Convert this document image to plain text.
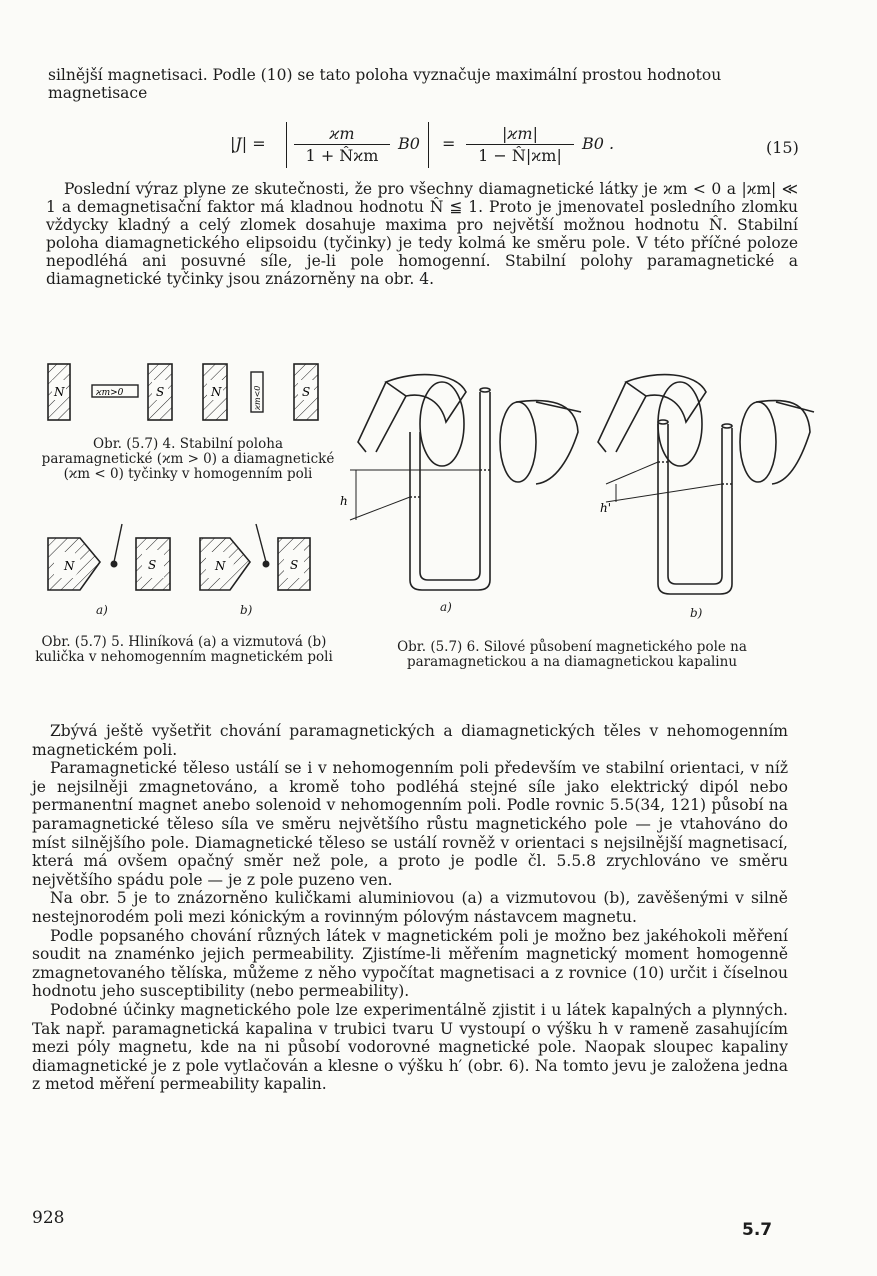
silnější magnetisaci. Podle (10) se tato poloha vyznačuje maximální prostou hodnotou

magnetisace

$|J| = \frac{ϰm}{1 + N̂ϰm} B0 = \frac{|ϰm|}{1 - N̂|ϰm|} B0$ .	(15)

Poslední výraz plyne ze skutečnosti, že pro všechny diamagnetické látky je ϰm < 0 a |ϰm| ≪ 1 a demagnetisační faktor má kladnou hodnotu N̂ ≦ 1. Proto je jmenovatel posledního zlomku vždycky kladný a celý zlomek dosahuje maxima pro největší možnou hodnotu N̂. Stabilní poloha diamagnetického elipsoidu (tyčinky) je tedy kolmá ke směru pole. V této příčné poloze nepodléhá ani posuvné síle, je-li pole homogenní. Stabilní polohy paramagnetické a diamagnetické tyčinky jsou znázorněny na obr. 4.

N	ϰm>0	S	N	ϰm<0	S
Obr. (5.7) 4. Stabilní poloha paramagnetické (ϰm > 0) a diamagnetické (ϰm < 0) tyčinky v homogenním poli
N	S	N	S
a)	b)
Obr. (5.7) 5. Hliníková (a) a vizmutová (b) kulička v nehomogenním magnetickém poli
h	h'
a)	b)
Obr. (5.7) 6. Silové působení magnetického pole na paramagnetickou a na diamagnetickou kapalinu

Zbývá ještě vyšetřit chování paramagnetických a diamagnetických těles v nehomogenním magnetickém poli.

Paramagnetické těleso ustálí se i v nehomogenním poli především ve stabilní orientaci, v níž je nejsilněji zmagnetováno, a kromě toho podléhá stejné síle jako elektrický dipól nebo permanentní magnet anebo solenoid v nehomogenním poli. Podle rovnic 5.5(34, 121) působí na paramagnetické těleso síla ve směru největšího růstu magnetického pole — je vtahováno do míst silnějšího pole. Diamagnetické těleso se ustálí rovněž v orientaci s nejsilnější magnetisací, která má ovšem opačný směr než pole, a proto je podle čl. 5.5.8 zrychlováno ve směru největšího spádu pole — je z pole puzeno ven.

Na obr. 5 je to znázorněno kuličkami aluminiovou (a) a vizmutovou (b), zavěšenými v silně nestejnorodém poli mezi kónickým a rovinným pólovým nástavcem magnetu.

Podle popsaného chování různých látek v magnetickém poli je možno bez jakéhokoli měření soudit na znaménko jejich permeability. Zjistíme-li měřením magnetický moment homogenně zmagnetovaného tělíska, můžeme z něho vypočítat magnetisaci a z rovnice (10) určit i číselnou hodnotu jeho susceptibility (nebo permeability).

Podobné účinky magnetického pole lze experimentálně zjistit i u látek kapalných a plynných. Tak např. paramagnetická kapalina v trubici tvaru U vystoupí o výšku h v rameně zasahujícím mezi póly magnetu, kde na ni působí vodorovné magnetické pole. Naopak sloupec kapaliny diamagnetické je z pole vytlačován a klesne o výšku h′ (obr. 6). Na tomto jevu je založena jedna z metod měření permeability kapalin.

928
5.7
